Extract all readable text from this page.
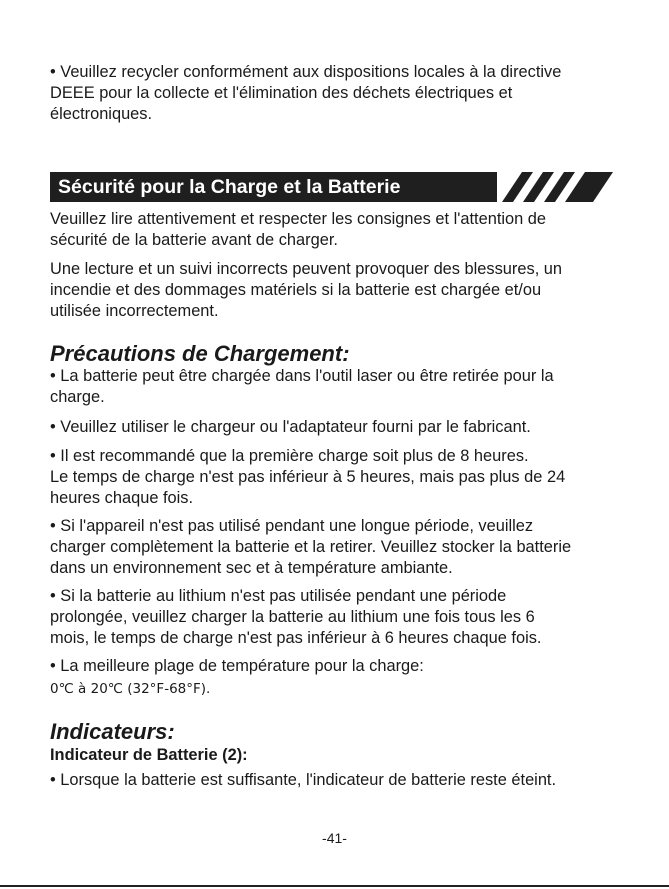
• Veuillez recycler conformément aux dispositions locales à la directive
DEEE pour la collecte et l'élimination des déchets électriques et
électroniques.
Sécurité pour la Charge et la Batterie
Veuillez lire attentivement et respecter les consignes et l'attention de
sécurité de la batterie avant de charger.
Une lecture et un suivi incorrects peuvent provoquer des blessures, un
incendie et des dommages matériels si la batterie est chargée et/ou
utilisée incorrectement.
Précautions de Chargement:
• La batterie peut être chargée dans l'outil laser ou être retirée pour la
charge.
• Veuillez utiliser le chargeur ou l'adaptateur fourni par le fabricant.
• Il est recommandé que la première charge soit plus de 8 heures.
Le temps de charge n'est pas inférieur à 5 heures, mais pas plus de 24
heures chaque fois.
• Si l'appareil n'est pas utilisé pendant une longue période, veuillez
charger complètement la batterie et la retirer. Veuillez stocker la batterie
dans un environnement sec et à température ambiante.
• Si la batterie au lithium n'est pas utilisée pendant une période
prolongée, veuillez charger la batterie au lithium une fois tous les 6
mois, le temps de charge n'est pas inférieur à 6 heures chaque fois.
• La meilleure plage de température pour la charge:
0℃ à 20℃ (32°F-68°F).
Indicateurs:
Indicateur de Batterie (2):
• Lorsque la batterie est suffisante, l'indicateur de batterie reste éteint.
-41-
